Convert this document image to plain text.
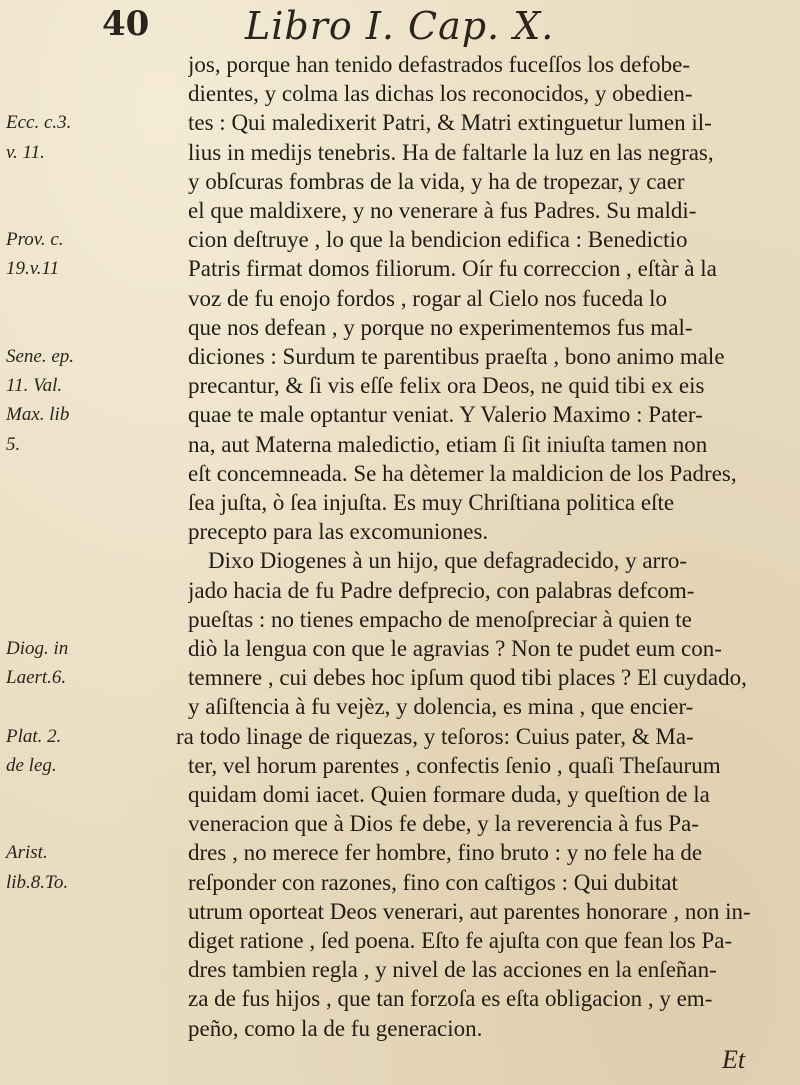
40	Libro I. Cap. X.
Ecc. c.3.
v. 11.
Prov. c.
19.v.11
Sene. ep.
11. Val.
Max. lib
5.
Diog. in
Laert.6.
Plat. 2.
de leg.
Arist.
lib.8.To.
jos, porque han tenido defastrados fuceſſos los defobe-
dientes, y colma las dichas los reconocidos, y obedien-
tes : Qui maledixerit Patri, & Matri extinguetur lumen il-
lius in medijs tenebris. Ha de faltarle la luz en las negras,
y obſcuras fombras de la vida, y ha de tropezar, y caer
el que maldixere, y no venerare à fus Padres. Su maldi-
cion deſtruye , lo que la bendicion edifica : Benedictio
Patris firmat domos filiorum. Oír fu correccion , eſtàr à la
voz de fu enojo fordos , rogar al Cielo nos fuceda lo
que nos defean , y porque no experimentemos fus mal-
diciones : Surdum te parentibus praeſta , bono animo male
precantur, & ſi vis eſſe felix ora Deos, ne quid tibi ex eis
quae te male optantur veniat. Y Valerio Maximo : Pater-
na, aut Materna maledictio, etiam ſi ſit iniuſta tamen non
eſt concemneada. Se ha dètemer la maldicion de los Padres,
ſea juſta, ò ſea injuſta. Es muy Chriſtiana politica eſte
precepto para las excomuniones.
Dixo Diogenes à un hijo, que defagradecido, y arro-
jado hacia de fu Padre defprecio, con palabras defcom-
pueſtas : no tienes empacho de menoſpreciar à quien te
diò la lengua con que le agravias ? Non te pudet eum con-
temnere , cui debes hoc ipſum quod tibi places ? El cuydado,
y aſiſtencia à fu vejèz, y dolencia, es mina , que encier-
ra todo linage de riquezas, y teſoros: Cuius pater, & Ma-
ter, vel horum parentes , confectis ſenio , quaſi Theſaurum
quidam domi iacet. Quien formare duda, y queſtion de la
veneracion que à Dios fe debe, y la reverencia à fus Pa-
dres , no merece fer hombre, fino bruto : y no fele ha de
reſponder con razones, fino con caſtigos : Qui dubitat
utrum oporteat Deos venerari, aut parentes honorare , non in-
diget ratione , ſed poena. Eſto fe ajuſta con que fean los Pa-
dres tambien regla , y nivel de las acciones en la enſeñan-
za de fus hijos , que tan forzoſa es eſta obligacion , y em-
peño, como la de fu generacion.
Et
